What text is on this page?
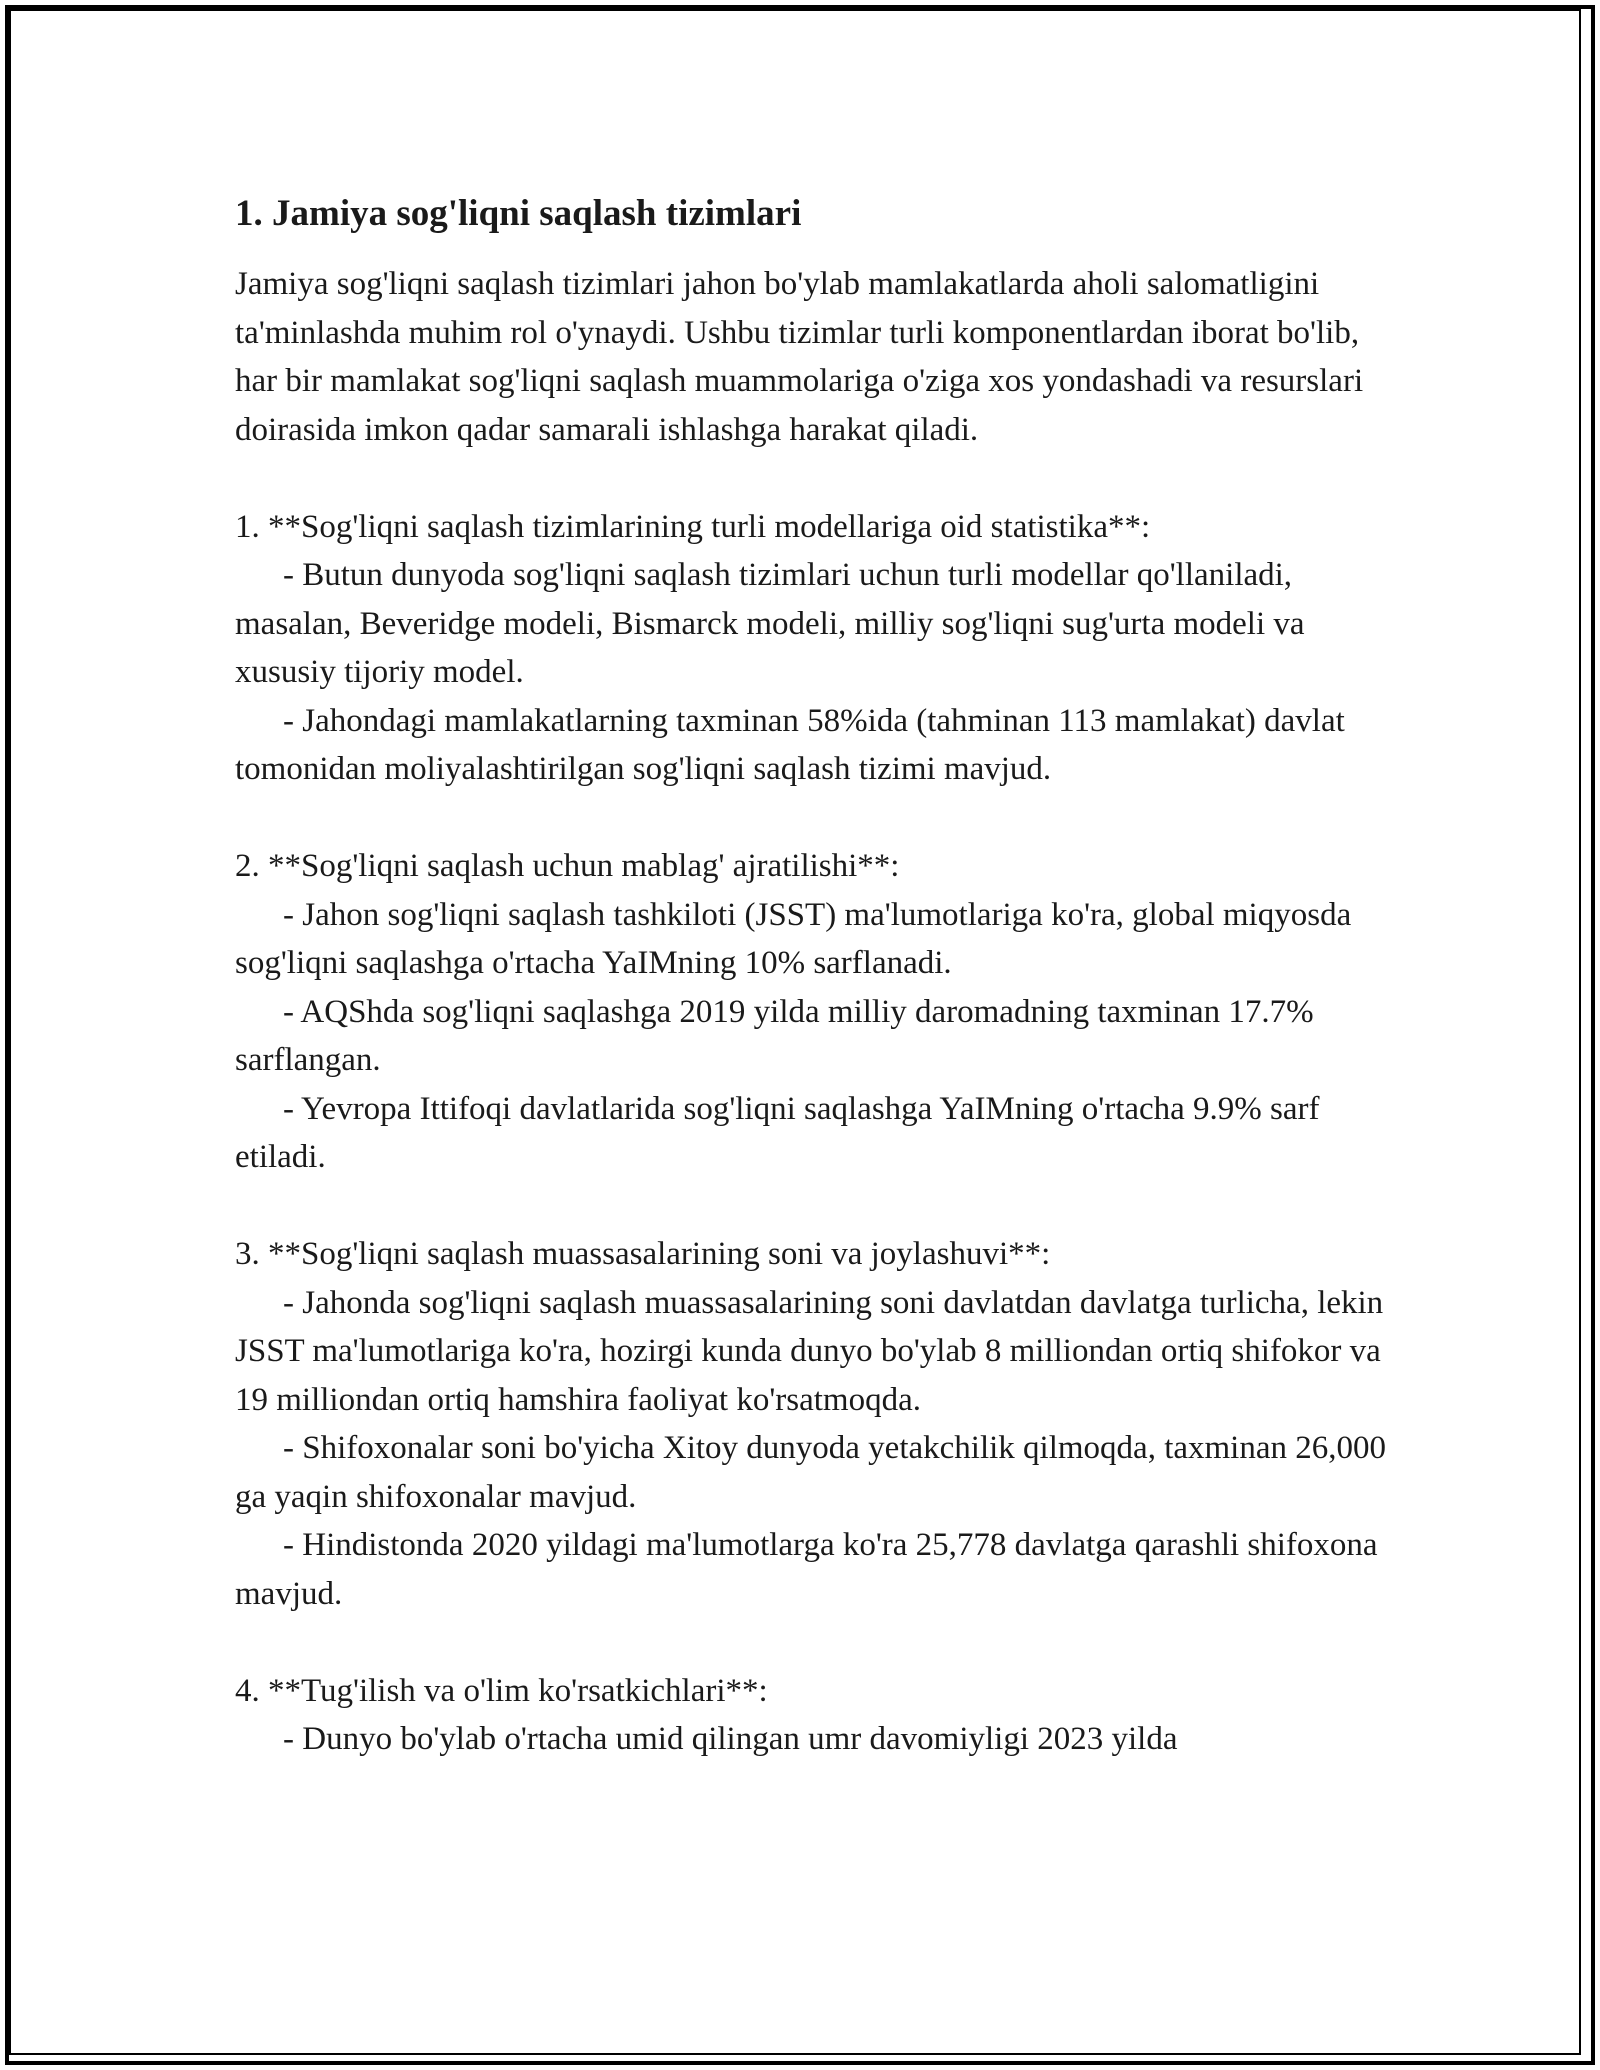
1. Jamiya sog'liqni saqlash tizimlari

Jamiya sog'liqni saqlash tizimlari jahon bo'ylab mamlakatlarda aholi salomatligini ta'minlashda muhim rol o'ynaydi. Ushbu tizimlar turli komponentlardan iborat bo'lib, har bir mamlakat sog'liqni saqlash muammolariga o'ziga xos yondashadi va resurslari doirasida imkon qadar samarali ishlashga harakat qiladi.

1. **Sog'liqni saqlash tizimlarining turli modellariga oid statistika**:

- Butun dunyoda sog'liqni saqlash tizimlari uchun turli modellar qo'llaniladi, masalan, Beveridge modeli, Bismarck modeli, milliy sog'liqni sug'urta modeli va xususiy tijoriy model.

- Jahondagi mamlakatlarning taxminan 58%ida (tahminan 113 mamlakat) davlat tomonidan moliyalashtirilgan sog'liqni saqlash tizimi mavjud.

2. **Sog'liqni saqlash uchun mablag' ajratilishi**:

- Jahon sog'liqni saqlash tashkiloti (JSST) ma'lumotlariga ko'ra, global miqyosda sog'liqni saqlashga o'rtacha YaIMning 10% sarflanadi.

- AQShda sog'liqni saqlashga 2019 yilda milliy daromadning taxminan 17.7% sarflangan.

- Yevropa Ittifoqi davlatlarida sog'liqni saqlashga YaIMning o'rtacha 9.9% sarf etiladi.

3. **Sog'liqni saqlash muassasalarining soni va joylashuvi**:

- Jahonda sog'liqni saqlash muassasalarining soni davlatdan davlatga turlicha, lekin JSST ma'lumotlariga ko'ra, hozirgi kunda dunyo bo'ylab 8 milliondan ortiq shifokor va 19 milliondan ortiq hamshira faoliyat ko'rsatmoqda.

- Shifoxonalar soni bo'yicha Xitoy dunyoda yetakchilik qilmoqda, taxminan 26,000 ga yaqin shifoxonalar mavjud.

- Hindistonda 2020 yildagi ma'lumotlarga ko'ra 25,778 davlatga qarashli shifoxona mavjud.

4. **Tug'ilish va o'lim ko'rsatkichlari**:

- Dunyo bo'ylab o'rtacha umid qilingan umr davomiyligi 2023 yilda
